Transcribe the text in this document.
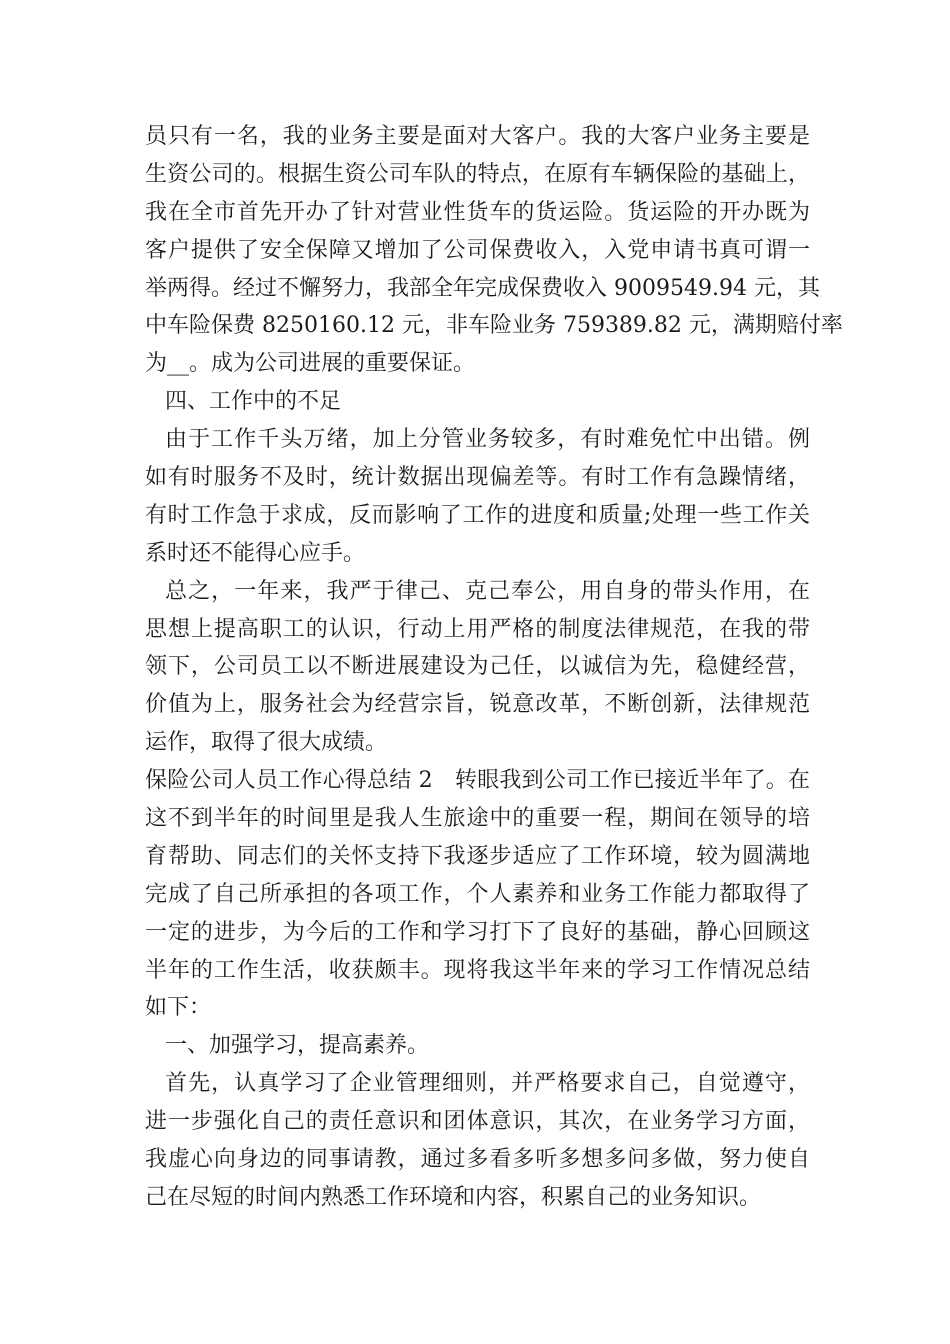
员只有一名，我的业务主要是面对大客户。我的大客户业务主要是
生资公司的。根据生资公司车队的特点，在原有车辆保险的基础上，
我在全市首先开办了针对营业性货车的货运险。货运险的开办既为
客户提供了安全保障又增加了公司保费收入，入党申请书真可谓一
举两得。经过不懈努力，我部全年完成保费收入 9009549.94 元，其
中车险保费 8250160.12 元，非车险业务 759389.82 元，满期赔付率
为__。成为公司进展的重要保证。
四、工作中的不足
由于工作千头万绪，加上分管业务较多，有时难免忙中出错。例
如有时服务不及时，统计数据出现偏差等。有时工作有急躁情绪，
有时工作急于求成，反而影响了工作的进度和质量;处理一些工作关
系时还不能得心应手。
总之，一年来，我严于律己、克己奉公，用自身的带头作用，在
思想上提高职工的认识，行动上用严格的制度法律规范，在我的带
领下，公司员工以不断进展建设为己任，以诚信为先，稳健经营，
价值为上，服务社会为经营宗旨，锐意改革，不断创新，法律规范
运作，取得了很大成绩。
保险公司人员工作心得总结 2　转眼我到公司工作已接近半年了。在
这不到半年的时间里是我人生旅途中的重要一程，期间在领导的培
育帮助、同志们的关怀支持下我逐步适应了工作环境，较为圆满地
完成了自己所承担的各项工作，个人素养和业务工作能力都取得了
一定的进步，为今后的工作和学习打下了良好的基础，静心回顾这
半年的工作生活，收获颇丰。现将我这半年来的学习工作情况总结
如下：
一、加强学习，提高素养。
首先，认真学习了企业管理细则，并严格要求自己，自觉遵守，
进一步强化自己的责任意识和团体意识，其次，在业务学习方面，
我虚心向身边的同事请教，通过多看多听多想多问多做，努力使自
己在尽短的时间内熟悉工作环境和内容，积累自己的业务知识。
